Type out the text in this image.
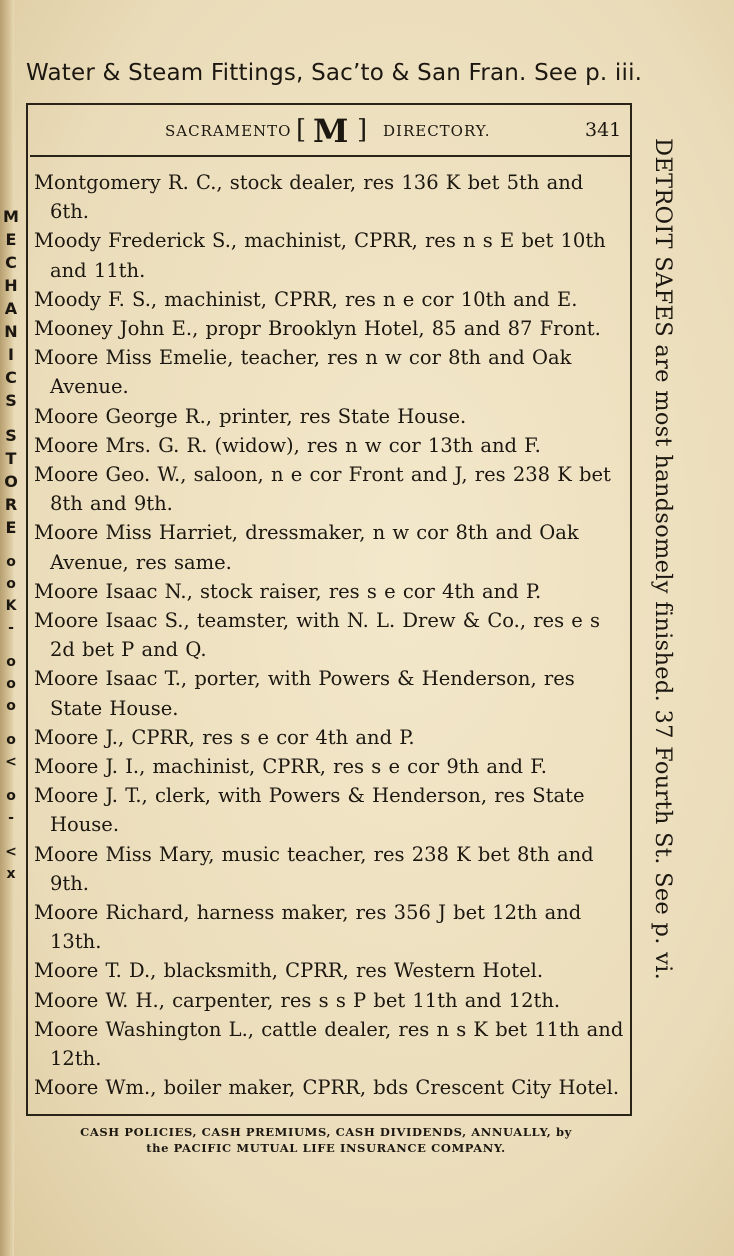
Water & Steam Fittings, Sac’to & San Fran. See p. iii.
SACRAMENTO [ M ] DIRECTORY.	341
Montgomery R. C., stock dealer, res 136 K bet 5th and 6th.
Moody Frederick S., machinist, CPRR, res n s E bet 10th and 11th.
Moody F. S., machinist, CPRR, res n e cor 10th and E.
Mooney John E., propr Brooklyn Hotel, 85 and 87 Front.
Moore Miss Emelie, teacher, res n w cor 8th and Oak Avenue.
Moore George R., printer, res State House.
Moore Mrs. G. R. (widow), res n w cor 13th and F.
Moore Geo. W., saloon, n e cor Front and J, res 238 K bet 8th and 9th.
Moore Miss Harriet, dressmaker, n w cor 8th and Oak Avenue, res same.
Moore Isaac N., stock raiser, res s e cor 4th and P.
Moore Isaac S., teamster, with N. L. Drew & Co., res e s 2d bet P and Q.
Moore Isaac T., porter, with Powers & Henderson, res State House.
Moore J., CPRR, res s e cor 4th and P.
Moore J. I., machinist, CPRR, res s e cor 9th and F.
Moore J. T., clerk, with Powers & Henderson, res State House.
Moore Miss Mary, music teacher, res 238 K bet 8th and 9th.
Moore Richard, harness maker, res 356 J bet 12th and 13th.
Moore T. D., blacksmith, CPRR, res Western Hotel.
Moore W. H., carpenter, res s s P bet 11th and 12th.
Moore Washington L., cattle dealer, res n s K bet 11th and 12th.
Moore Wm., boiler maker, CPRR, bds Crescent City Hotel.
M
E
C
H
A
N
I
C
S
S
T
O
R
E
o
o
K
-
o
o
o
o
<
o
-
<
x	DETROIT SAFES are most handsomely finished. 37 Fourth St. See p. vi.
CASH POLICIES, CASH PREMIUMS, CASH DIVIDENDS, ANNUALLY, by
the PACIFIC MUTUAL LIFE INSURANCE COMPANY.
